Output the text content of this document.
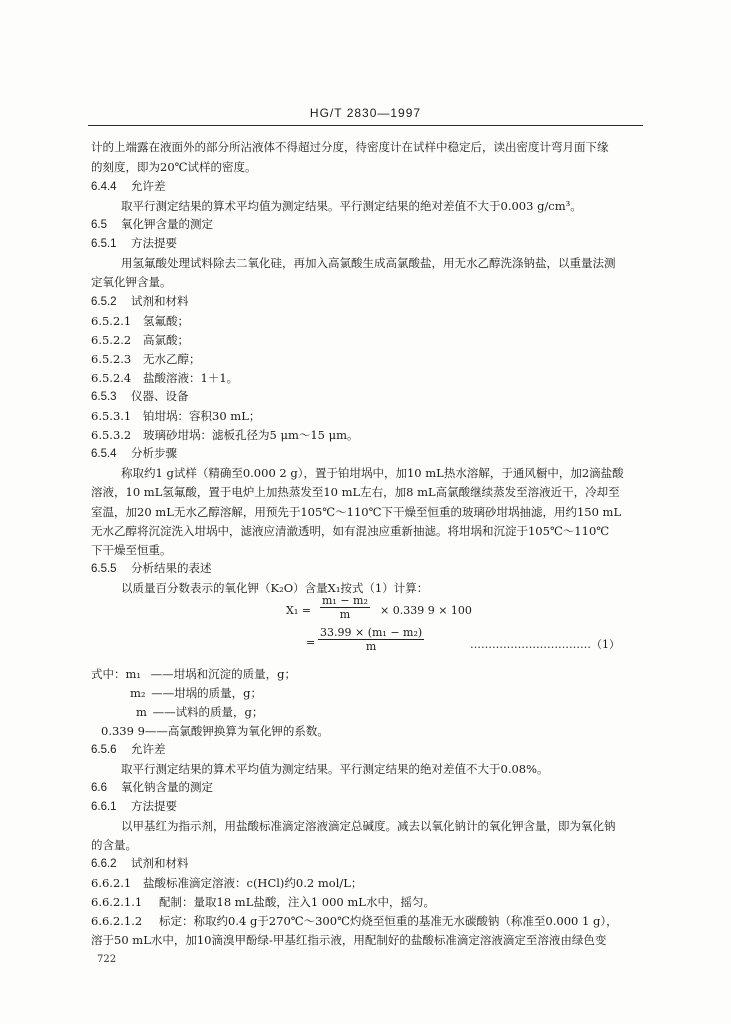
HG/T 2830—1997
计的上端露在液面外的部分所沾液体不得超过分度，待密度计在试样中稳定后，读出密度计弯月面下缘
的刻度，即为20℃试样的密度。
6.4.4 允许差
取平行测定结果的算术平均值为测定结果。平行测定结果的绝对差值不大于0.003 g/cm³。
6.5 氧化钾含量的测定
6.5.1 方法提要
用氢氟酸处理试料除去二氧化硅，再加入高氯酸生成高氯酸盐，用无水乙醇洗涤钠盐，以重量法测
定氧化钾含量。
6.5.2 试剂和材料
6.5.2.1 氢氟酸；
6.5.2.2 高氯酸；
6.5.2.3 无水乙醇；
6.5.2.4 盐酸溶液：1＋1。
6.5.3 仪器、设备
6.5.3.1 铂坩埚：容积30 mL；
6.5.3.2 玻璃砂坩埚：滤板孔径为5 μm～15 μm。
6.5.4 分析步骤
称取约1 g试样（精确至0.000 2 g），置于铂坩埚中，加10 mL热水溶解，于通风橱中，加2滴盐酸
溶液，10 mL氢氟酸，置于电炉上加热蒸发至10 mL左右，加8 mL高氯酸继续蒸发至溶液近干，冷却至
室温，加20 mL无水乙醇溶解，用预先于105℃～110℃下干燥至恒重的玻璃砂坩埚抽滤，用约150 mL
无水乙醇将沉淀洗入坩埚中，滤液应清澈透明，如有混浊应重新抽滤。将坩埚和沉淀于105℃～110℃
下干燥至恒重。
6.5.5 分析结果的表述
以质量百分数表示的氧化钾（K₂O）含量X₁按式（1）计算：
$X_1 = \frac{\text{m₁ − m₂}}{m} \times 0.339$ 9 × 100
= $\frac{\text{33.99 × (m₁ − m₂)}}{m}$	……………………………（1）
式中：m₁ ——坩埚和沉淀的质量，g；
m₂ ——坩埚的质量，g；
m ——试料的质量，g；
0.339 9——高氯酸钾换算为氧化钾的系数。
6.5.6 允许差
取平行测定结果的算术平均值为测定结果。平行测定结果的绝对差值不大于0.08%。
6.6 氧化钠含量的测定
6.6.1 方法提要
以甲基红为指示剂，用盐酸标准滴定溶液滴定总碱度。减去以氧化钠计的氧化钾含量，即为氧化钠
的含量。
6.6.2 试剂和材料
6.6.2.1 盐酸标准滴定溶液：c(HCl)约0.2 mol/L；
6.6.2.1.1 配制：量取18 mL盐酸，注入1 000 mL水中，摇匀。
6.6.2.1.2 标定：称取约0.4 g于270℃～300℃灼烧至恒重的基准无水碳酸钠（称准至0.000 1 g），
溶于50 mL水中，加10滴溴甲酚绿-甲基红指示液，用配制好的盐酸标准滴定溶液滴定至溶液由绿色变
722
